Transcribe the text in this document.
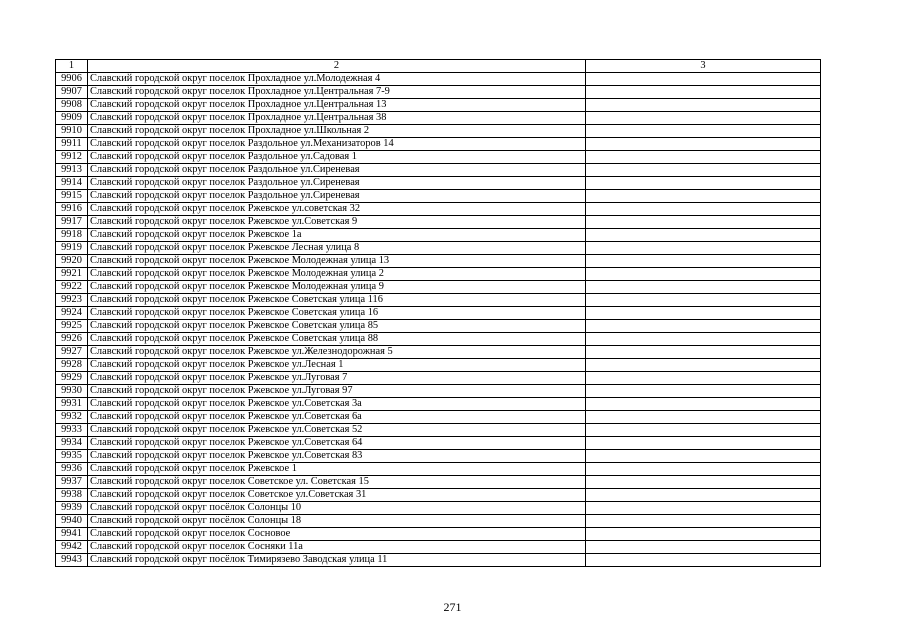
1	2	3
9906	Славский городской округ поселок Прохладное ул.Молодежная 4	
9907	Славский городской округ поселок Прохладное ул.Центральная 7-9	
9908	Славский городской округ поселок Прохладное ул.Центральная 13	
9909	Славский городской округ поселок Прохладное ул.Центральная 38	
9910	Славский городской округ поселок Прохладное ул.Школьная 2	
9911	Славский городской округ поселок Раздольное ул.Механизаторов 14	
9912	Славский городской округ поселок Раздольное ул.Садовая 1	
9913	Славский городской округ поселок Раздольное ул.Сиреневая	
9914	Славский городской округ поселок Раздольное ул.Сиреневая	
9915	Славский городской округ поселок Раздольное ул.Сиреневая	
9916	Славский городской округ поселок Ржевское ул.советская 32	
9917	Славский городской округ поселок Ржевское ул.Советская 9	
9918	Славский городской округ поселок Ржевское 1а	
9919	Славский городской округ поселок Ржевское Лесная улица 8	
9920	Славский городской округ поселок Ржевское Молодежная улица 13	
9921	Славский городской округ поселок Ржевское Молодежная улица 2	
9922	Славский городской округ поселок Ржевское Молодежная улица 9	
9923	Славский городской округ поселок Ржевское Советская улица 116	
9924	Славский городской округ поселок Ржевское Советская улица 16	
9925	Славский городской округ поселок Ржевское Советская улица 85	
9926	Славский городской округ поселок Ржевское Советская улица 88	
9927	Славский городской округ поселок Ржевское ул.Железнодорожная 5	
9928	Славский городской округ поселок Ржевское ул.Лесная 1	
9929	Славский городской округ поселок Ржевское ул.Луговая 7	
9930	Славский городской округ поселок Ржевское ул.Луговая 97	
9931	Славский городской округ поселок Ржевское ул.Советская 3а	
9932	Славский городской округ поселок Ржевское ул.Советская 6а	
9933	Славский городской округ поселок Ржевское ул.Советская 52	
9934	Славский городской округ поселок Ржевское ул.Советская 64	
9935	Славский городской округ поселок Ржевское ул.Советская 83	
9936	Славский городской округ поселок Ржевское 1	
9937	Славский городской округ поселок Советское ул. Советская 15	
9938	Славский городской округ поселок Советское ул.Советская 31	
9939	Славский городской округ посёлок Солонцы 10	
9940	Славский городской округ посёлок Солонцы 18	
9941	Славский городской округ поселок Сосновое	
9942	Славский городской округ поселок Сосняки 11а	
9943	Славский городской округ посёлок Тимирязево Заводская улица 11	
271
